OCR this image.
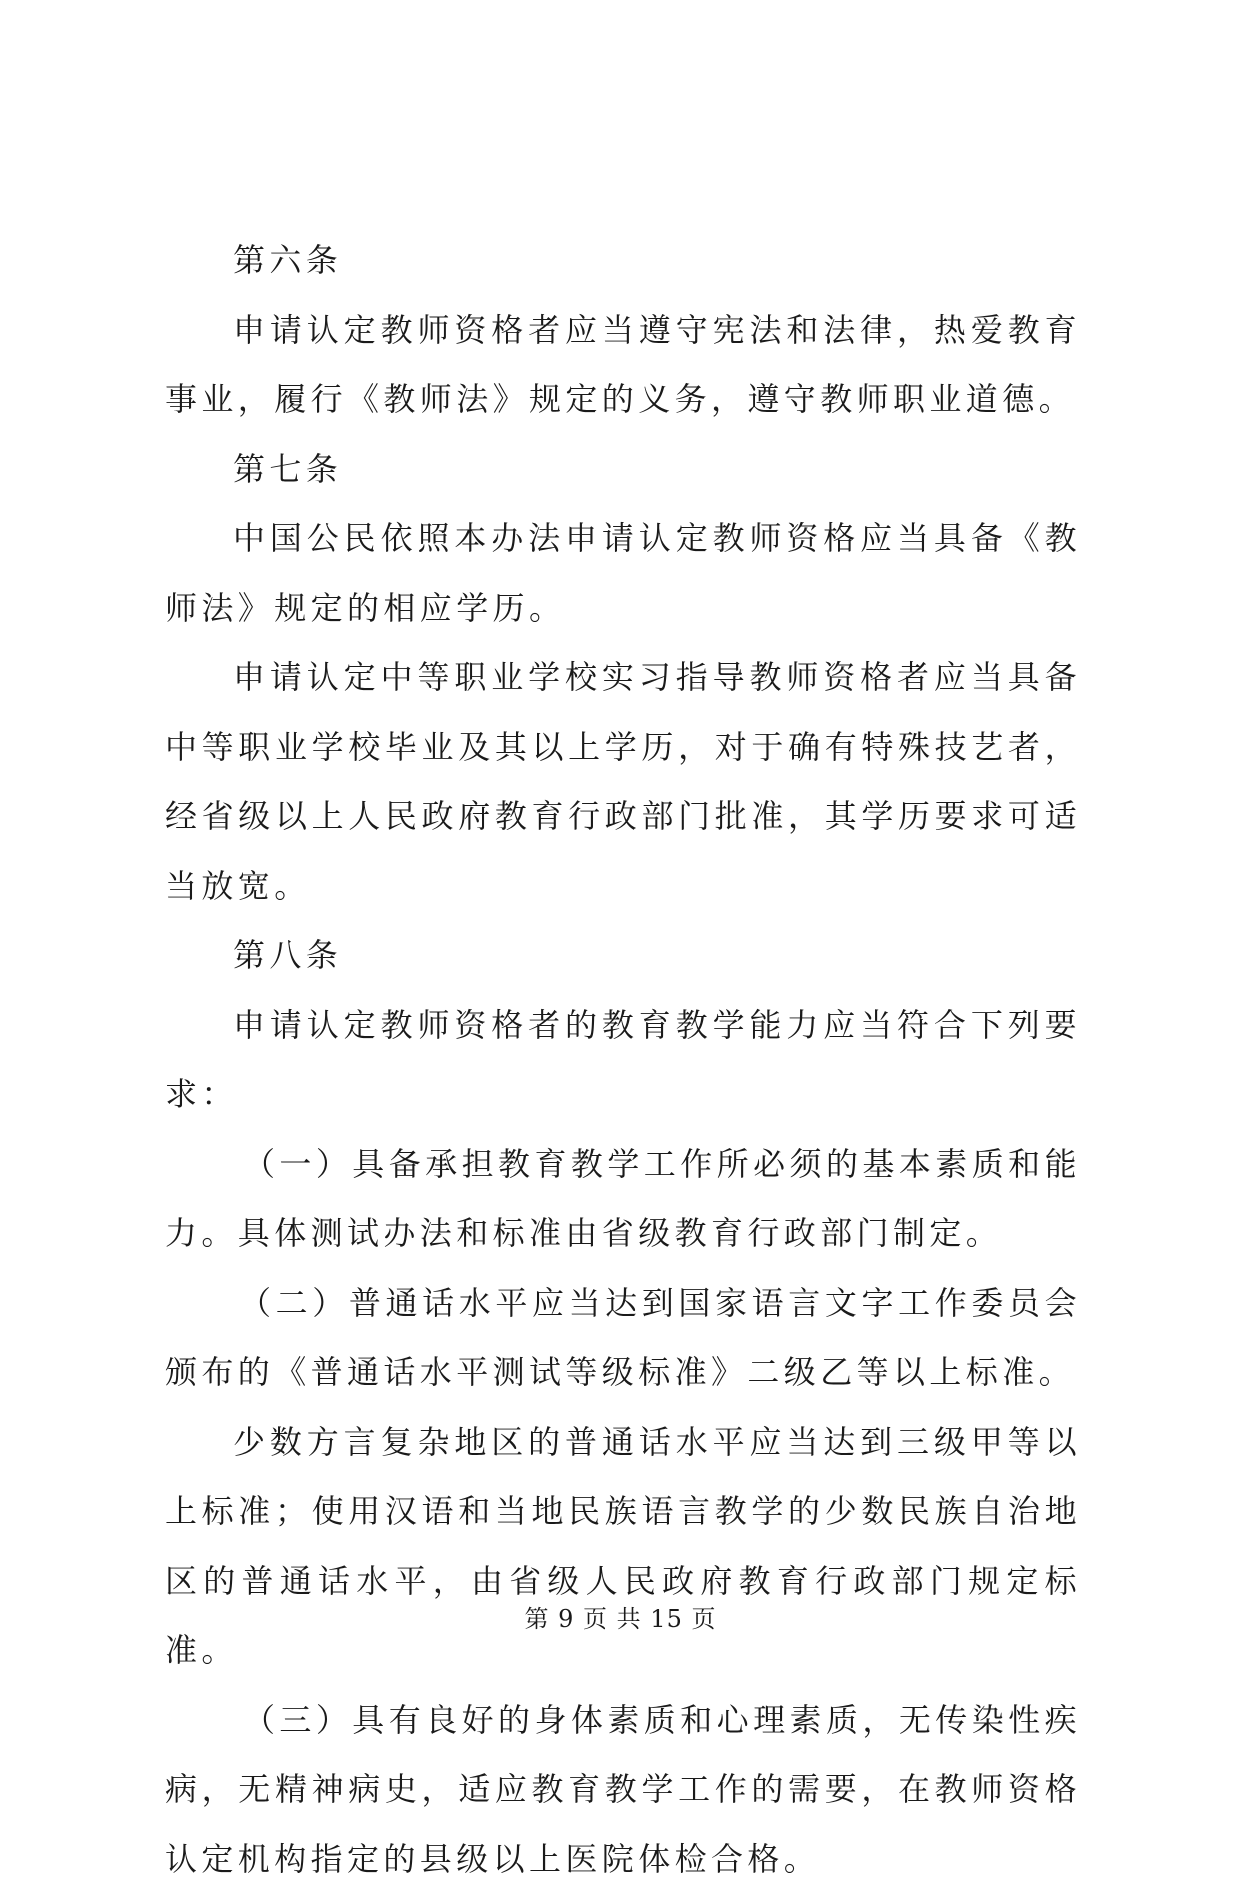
第六条

申请认定教师资格者应当遵守宪法和法律，热爱教育事业，履行《教师法》规定的义务，遵守教师职业道德。

第七条

中国公民依照本办法申请认定教师资格应当具备《教师法》规定的相应学历。

申请认定中等职业学校实习指导教师资格者应当具备中等职业学校毕业及其以上学历，对于确有特殊技艺者，经省级以上人民政府教育行政部门批准，其学历要求可适当放宽。

第八条

申请认定教师资格者的教育教学能力应当符合下列要求：

（一）具备承担教育教学工作所必须的基本素质和能力。具体测试办法和标准由省级教育行政部门制定。

（二）普通话水平应当达到国家语言文字工作委员会颁布的《普通话水平测试等级标准》二级乙等以上标准。

少数方言复杂地区的普通话水平应当达到三级甲等以上标准；使用汉语和当地民族语言教学的少数民族自治地区的普通话水平，由省级人民政府教育行政部门规定标准。

（三）具有良好的身体素质和心理素质，无传染性疾病，无精神病史，适应教育教学工作的需要，在教师资格认定机构指定的县级以上医院体检合格。

第 9 页 共 15 页
